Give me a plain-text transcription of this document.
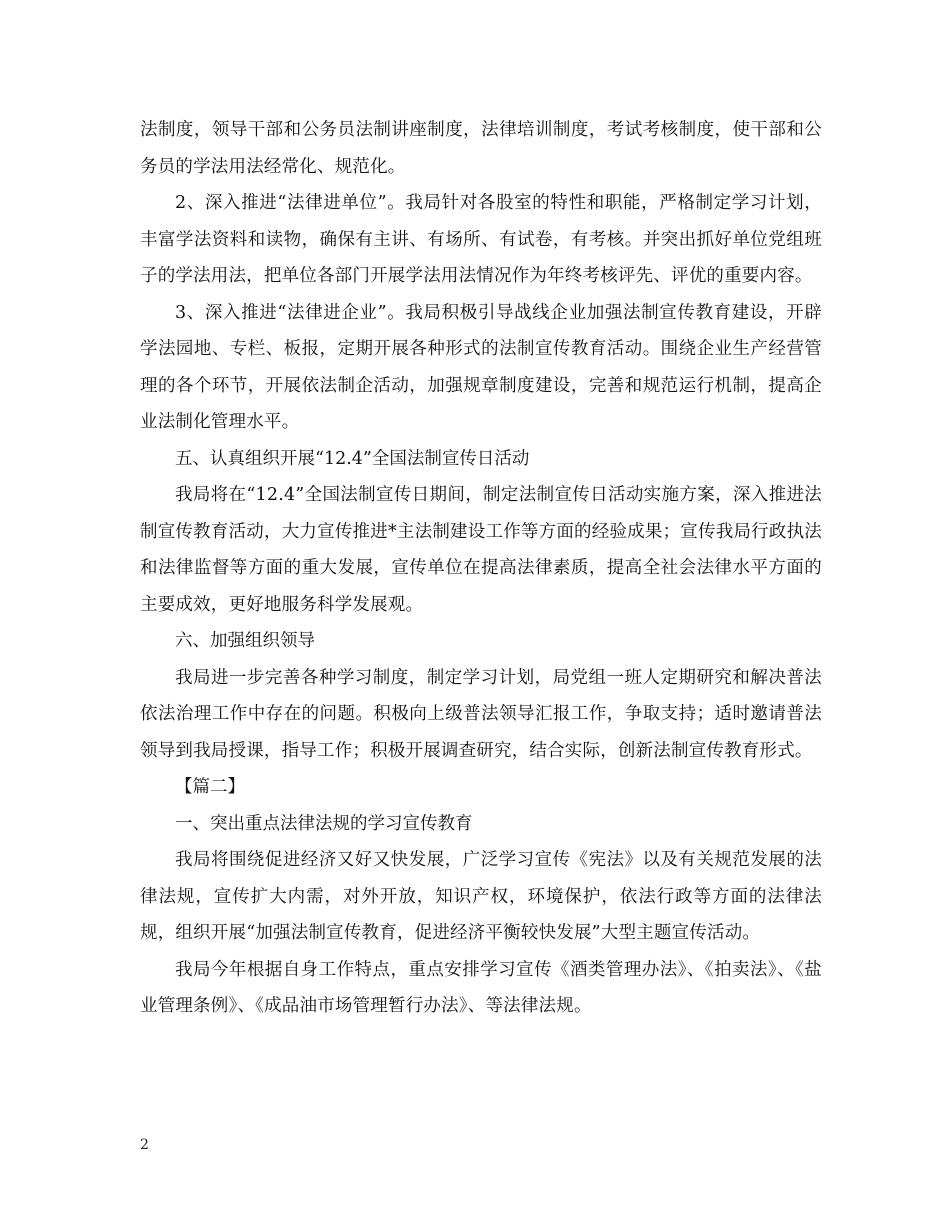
法制度，领导干部和公务员法制讲座制度，法律培训制度，考试考核制度，使干部和公务员的学法用法经常化、规范化。

2、深入推进“法律进单位”。我局针对各股室的特性和职能，严格制定学习计划，丰富学法资料和读物，确保有主讲、有场所、有试卷，有考核。并突出抓好单位党组班子的学法用法，把单位各部门开展学法用法情况作为年终考核评先、评优的重要内容。

3、深入推进“法律进企业”。我局积极引导战线企业加强法制宣传教育建设，开辟学法园地、专栏、板报，定期开展各种形式的法制宣传教育活动。围绕企业生产经营管理的各个环节，开展依法制企活动，加强规章制度建设，完善和规范运行机制，提高企业法制化管理水平。

五、认真组织开展“12.4”全国法制宣传日活动

我局将在“12.4”全国法制宣传日期间，制定法制宣传日活动实施方案，深入推进法制宣传教育活动，大力宣传推进*主法制建设工作等方面的经验成果；宣传我局行政执法和法律监督等方面的重大发展，宣传单位在提高法律素质，提高全社会法律水平方面的主要成效，更好地服务科学发展观。

六、加强组织领导

我局进一步完善各种学习制度，制定学习计划，局党组一班人定期研究和解决普法依法治理工作中存在的问题。积极向上级普法领导汇报工作，争取支持；适时邀请普法领导到我局授课，指导工作；积极开展调查研究，结合实际，创新法制宣传教育形式。

【篇二】

一、突出重点法律法规的学习宣传教育

我局将围绕促进经济又好又快发展，广泛学习宣传《宪法》以及有关规范发展的法律法规，宣传扩大内需，对外开放，知识产权，环境保护，依法行政等方面的法律法规，组织开展“加强法制宣传教育，促进经济平衡较快发展”大型主题宣传活动。

我局今年根据自身工作特点，重点安排学习宣传《酒类管理办法》、《拍卖法》、《盐业管理条例》、《成品油市场管理暂行办法》、等法律法规。

2
